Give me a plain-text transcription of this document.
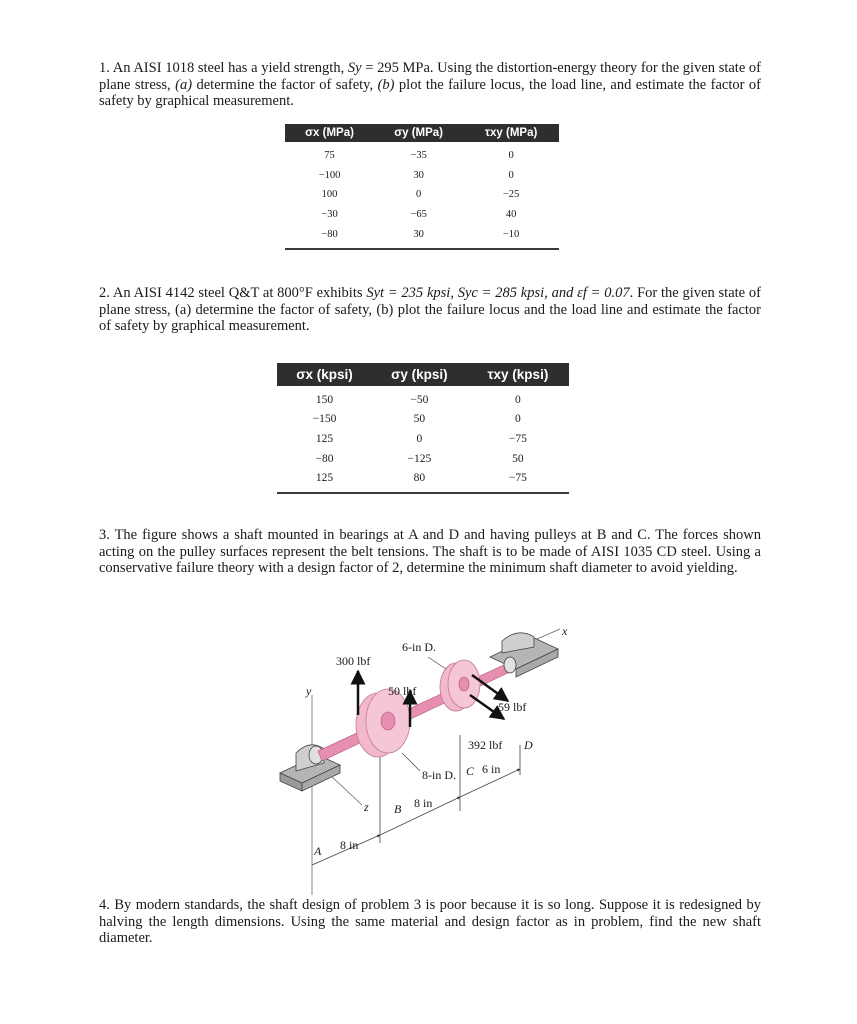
1. An AISI 1018 steel has a yield strength, Sy = 295 MPa. Using the distortion-energy theory for the given state of plane stress, (a) determine the factor of safety, (b) plot the failure locus, the load line, and estimate the factor of safety by graphical measurement.

σx (MPa)	σy (MPa)	τxy (MPa)
75	−35	0
−100	30	0
100	0	−25
−30	−65	40
−80	30	−10

2. An AISI 4142 steel Q&T at 800°F exhibits Syt = 235 kpsi, Syc = 285 kpsi, and εf = 0.07. For the given state of plane stress, (a) determine the factor of safety, (b) plot the failure locus and the load line and estimate the factor of safety by graphical measurement.

σx (kpsi)	σy (kpsi)	τxy (kpsi)
150	−50	0
−150	50	0
125	0	−75
−80	−125	50
125	80	−75

3. The figure shows a shaft mounted in bearings at A and D and having pulleys at B and C. The forces shown acting on the pulley surfaces represent the belt tensions. The shaft is to be made of AISI 1035 CD steel. Using a conservative failure theory with a design factor of 2, determine the minimum shaft diameter to avoid yielding.

300 lbf
50 lbf
6-in D.
59 lbf
392 lbf
8-in D. 6 in
8 in
8 in
A
B
C
D
x
y
z

4. By modern standards, the shaft design of problem 3 is poor because it is so long. Suppose it is redesigned by halving the length dimensions. Using the same material and design factor as in problem, find the new shaft diameter.
